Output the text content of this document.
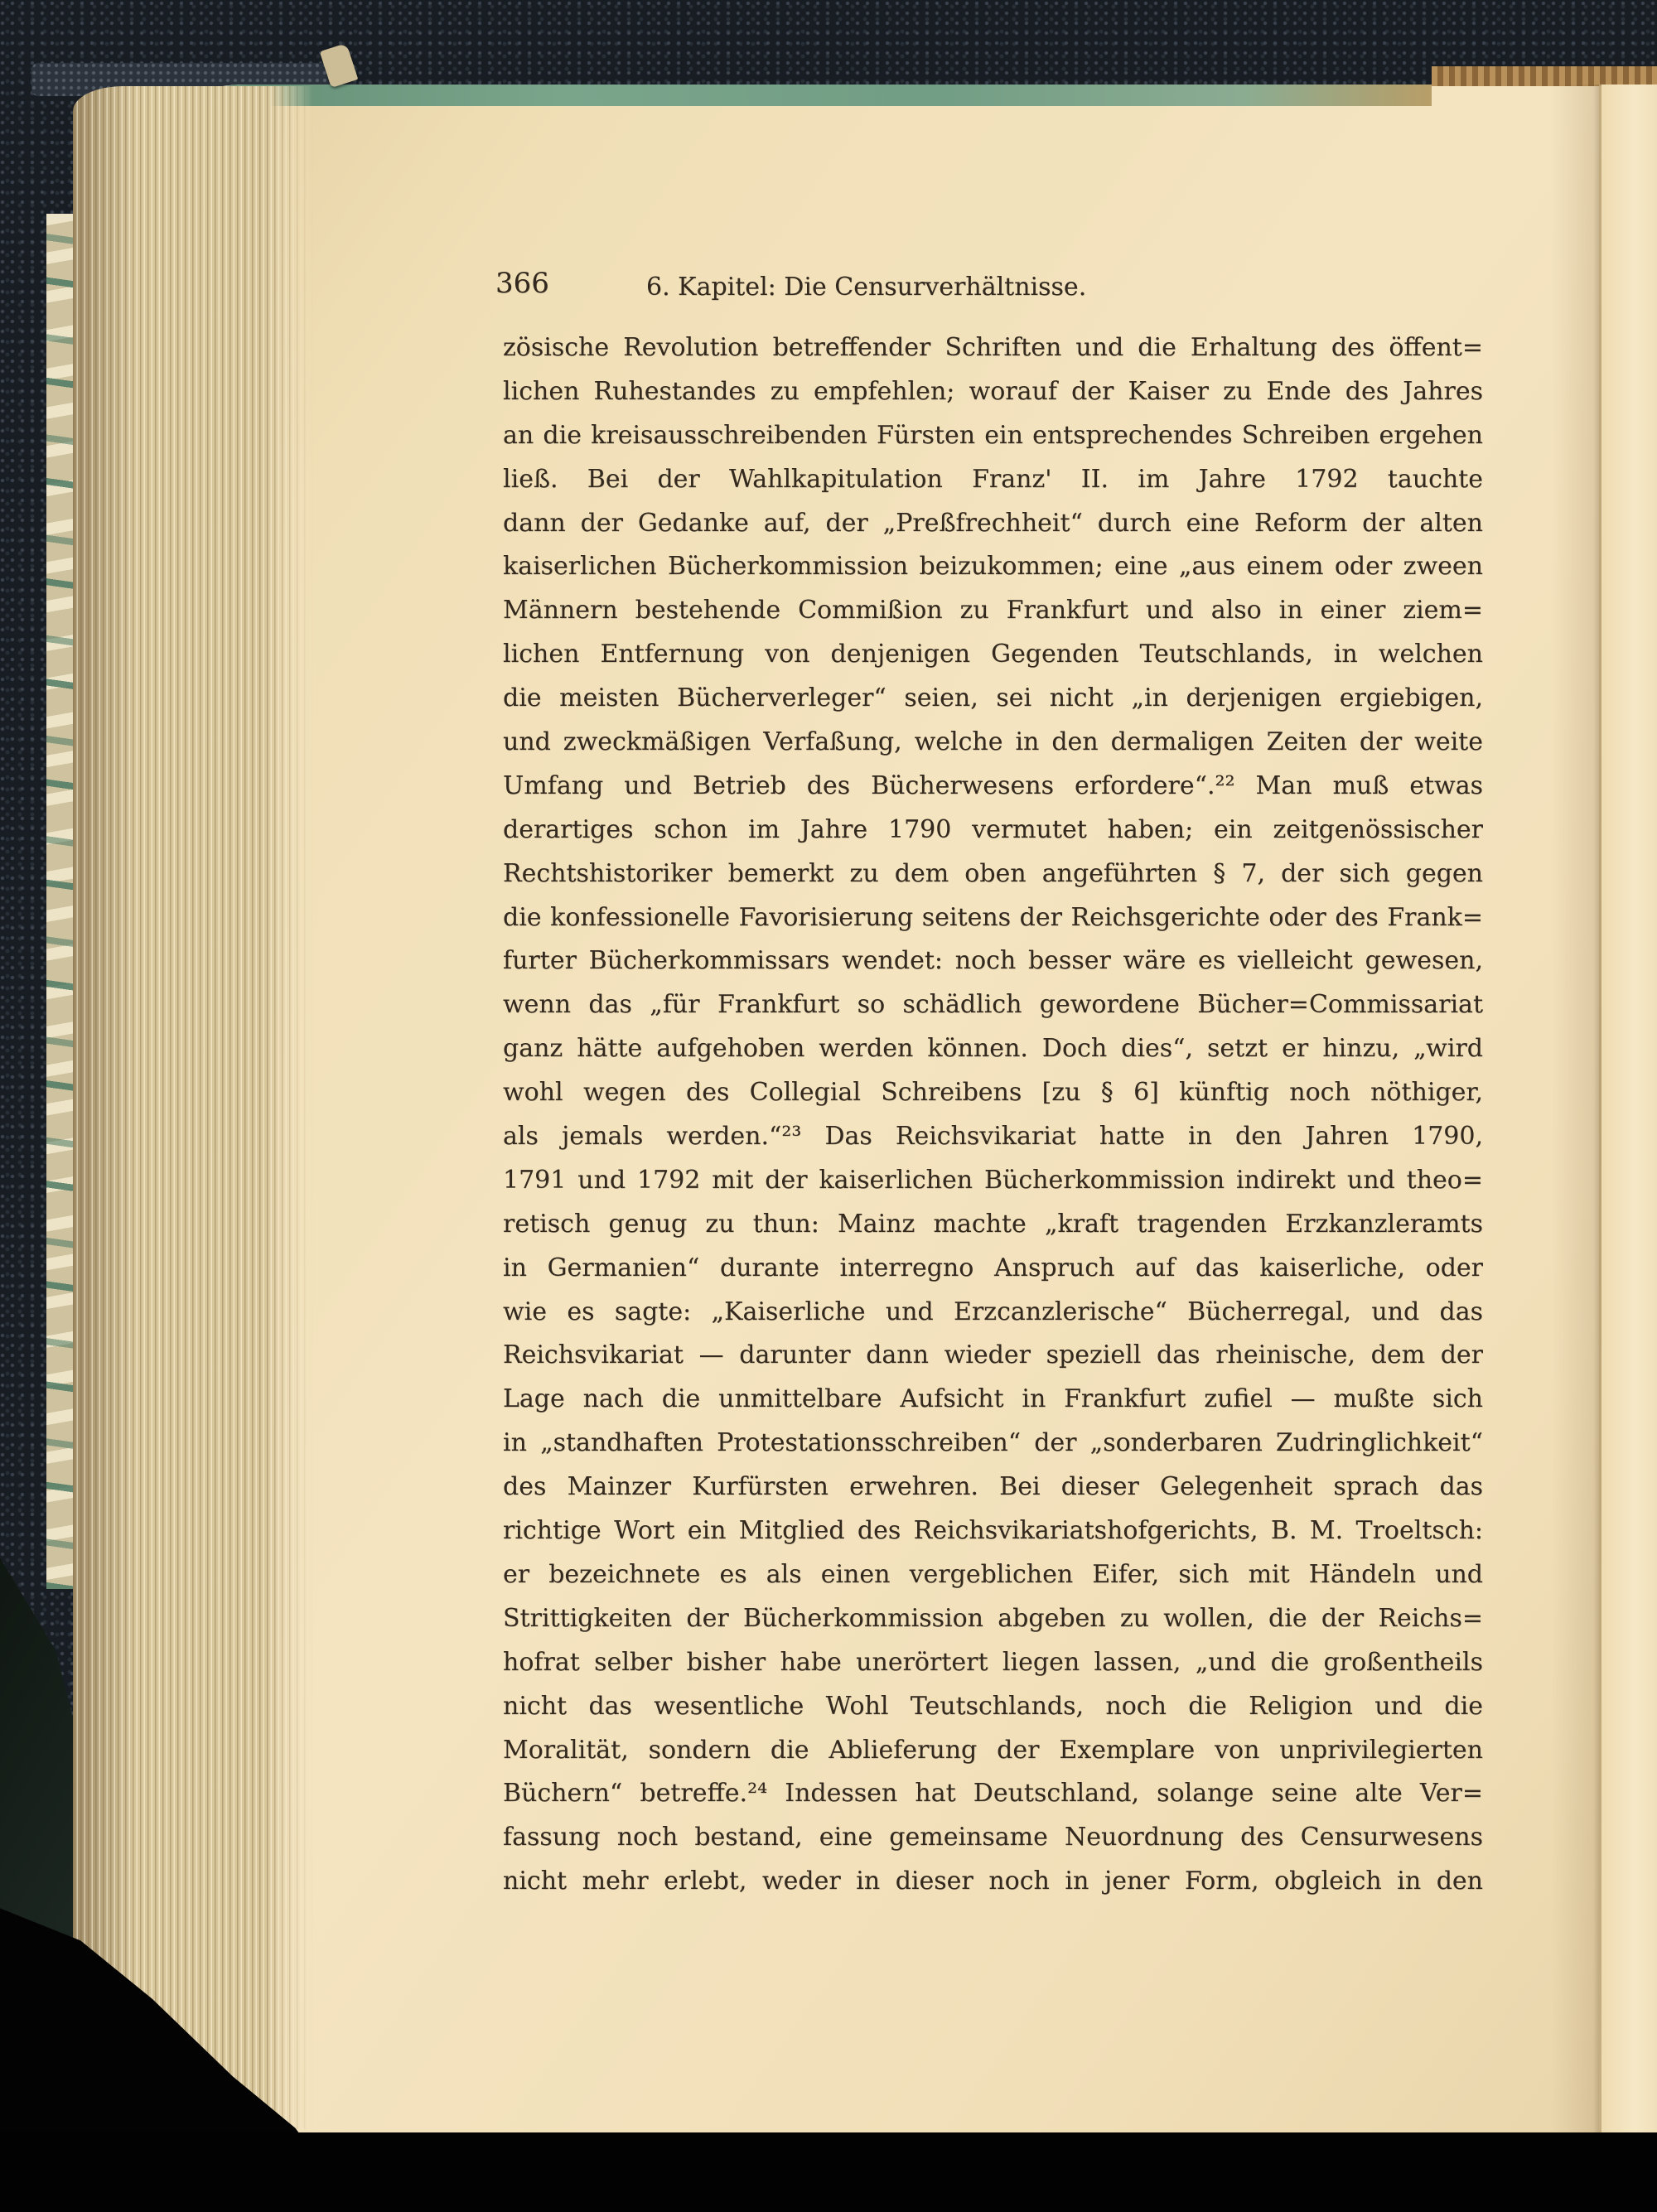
366	6. Kapitel: Die Censurverhältnisse.
zösische Revolution betreffender Schriften und die Erhaltung des öffent=
lichen Ruhestandes zu empfehlen; worauf der Kaiser zu Ende des Jahres
an die kreisausschreibenden Fürsten ein entsprechendes Schreiben ergehen
ließ. Bei der Wahlkapitulation Franz' II. im Jahre 1792 tauchte
dann der Gedanke auf, der „Preßfrechheit“ durch eine Reform der alten
kaiserlichen Bücherkommission beizukommen; eine „aus einem oder zween
Männern bestehende Commißion zu Frankfurt und also in einer ziem=
lichen Entfernung von denjenigen Gegenden Teutschlands, in welchen
die meisten Bücherverleger“ seien, sei nicht „in derjenigen ergiebigen,
und zweckmäßigen Verfaßung, welche in den dermaligen Zeiten der weite
Umfang und Betrieb des Bücherwesens erfordere“.²² Man muß etwas
derartiges schon im Jahre 1790 vermutet haben; ein zeitgenössischer
Rechtshistoriker bemerkt zu dem oben angeführten § 7, der sich gegen
die konfessionelle Favorisierung seitens der Reichsgerichte oder des Frank=
furter Bücherkommissars wendet: noch besser wäre es vielleicht gewesen,
wenn das „für Frankfurt so schädlich gewordene Bücher=Commissariat
ganz hätte aufgehoben werden können. Doch dies“, setzt er hinzu, „wird
wohl wegen des Collegial Schreibens [zu § 6] künftig noch nöthiger,
als jemals werden.“²³ Das Reichsvikariat hatte in den Jahren 1790,
1791 und 1792 mit der kaiserlichen Bücherkommission indirekt und theo=
retisch genug zu thun: Mainz machte „kraft tragenden Erzkanzleramts
in Germanien“ durante interregno Anspruch auf das kaiserliche, oder
wie es sagte: „Kaiserliche und Erzcanzlerische“ Bücherregal, und das
Reichsvikariat — darunter dann wieder speziell das rheinische, dem der
Lage nach die unmittelbare Aufsicht in Frankfurt zufiel — mußte sich
in „standhaften Protestationsschreiben“ der „sonderbaren Zudringlichkeit“
des Mainzer Kurfürsten erwehren. Bei dieser Gelegenheit sprach das
richtige Wort ein Mitglied des Reichsvikariatshofgerichts, B. M. Troeltsch:
er bezeichnete es als einen vergeblichen Eifer, sich mit Händeln und
Strittigkeiten der Bücherkommission abgeben zu wollen, die der Reichs=
hofrat selber bisher habe unerörtert liegen lassen, „und die großentheils
nicht das wesentliche Wohl Teutschlands, noch die Religion und die
Moralität, sondern die Ablieferung der Exemplare von unprivilegierten
Büchern“ betreffe.²⁴ Indessen hat Deutschland, solange seine alte Ver=
fassung noch bestand, eine gemeinsame Neuordnung des Censurwesens
nicht mehr erlebt, weder in dieser noch in jener Form, obgleich in den
